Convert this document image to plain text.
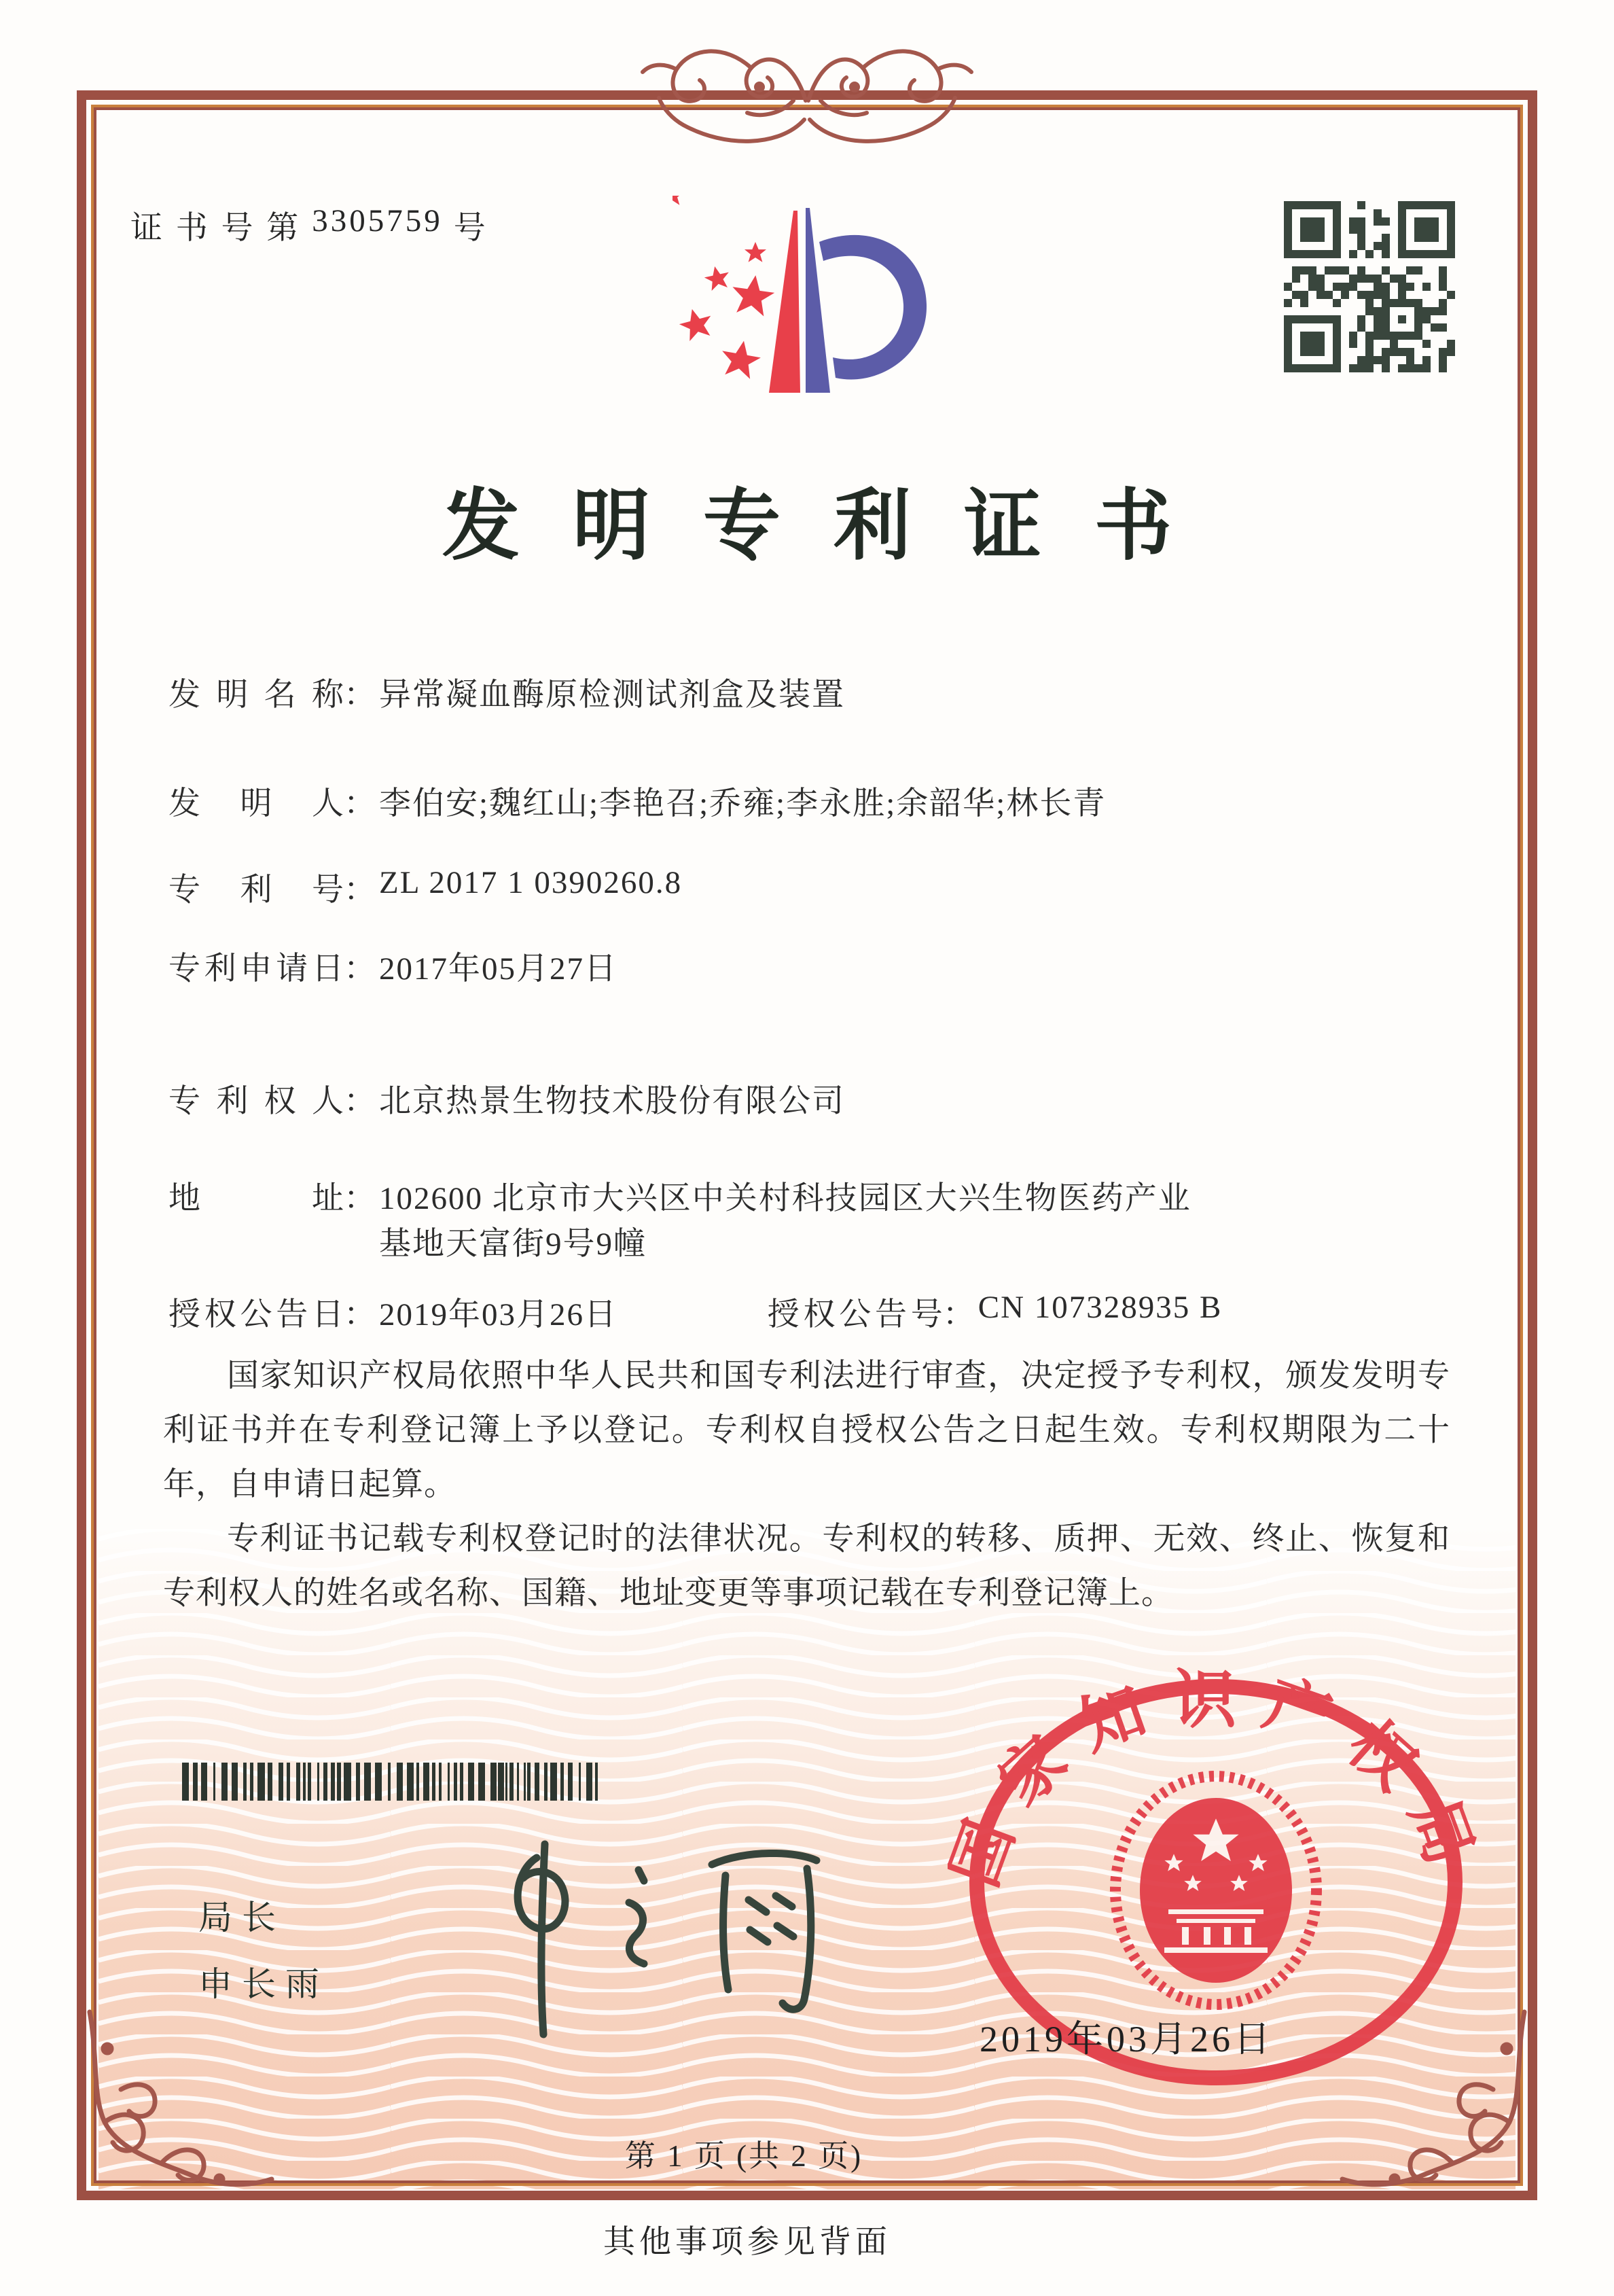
证 书 号 第 3305759 号
发明专利证书
发明名称： 异常凝血酶原检测试剂盒及装置
发明人： 李伯安;魏红山;李艳召;乔雍;李永胜;余韶华;林长青
专利号： ZL 2017 1 0390260.8
专利申请日： 2017年05月27日
专利权人： 北京热景生物技术股份有限公司
地址： 102600 北京市大兴区中关村科技园区大兴生物医药产业
基地天富街9号9幢
授权公告日： 2019年03月26日	授权公告号： CN 107328935 B

国家知识产权局依照中华人民共和国专利法进行审查，决定授予专利权，颁发发明专利证书并在专利登记簿上予以登记。专利权自授权公告之日起生效。专利权期限为二十年，自申请日起算。

专利证书记载专利权登记时的法律状况。专利权的转移、质押、无效、终止、恢复和专利权人的姓名或名称、国籍、地址变更等事项记载在专利登记簿上。

局长
申长雨
国家知识产权局
2019年03月26日
第 1 页 (共 2 页)
其他事项参见背面
